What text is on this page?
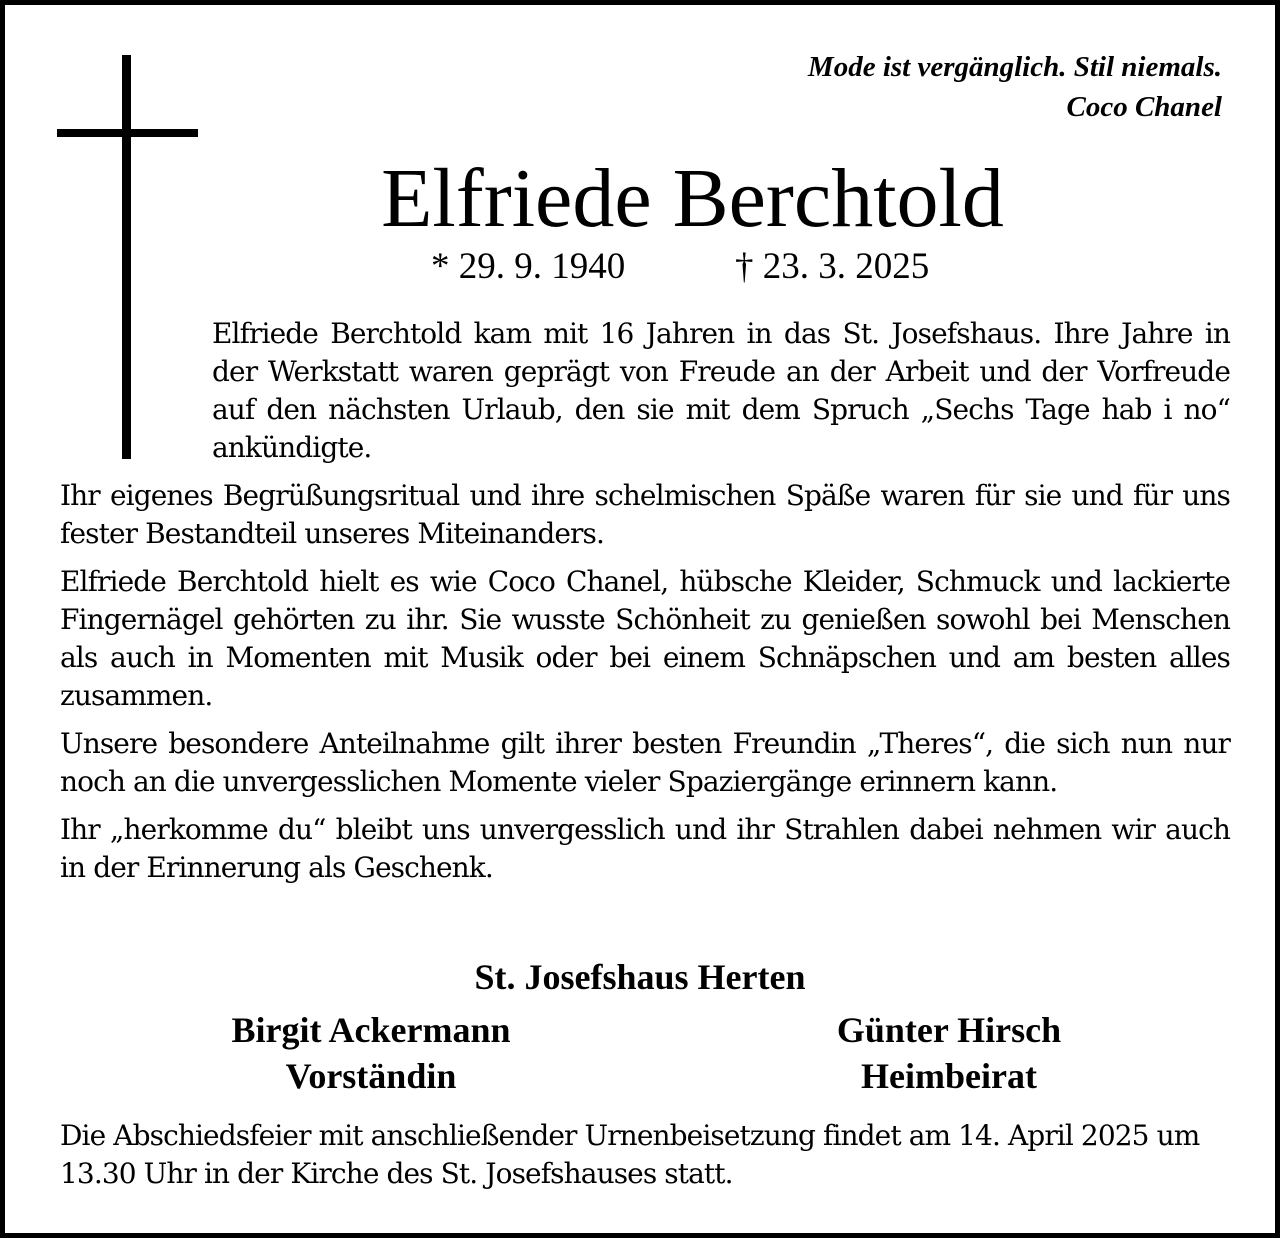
Mode ist vergänglich. Stil niemals.
Coco Chanel
Elfriede Berchtold
* 29. 9. 1940	† 23. 3. 2025
Elfriede Berchtold kam mit 16 Jahren in das St. Josefshaus. Ihre Jahre in der Werkstatt waren geprägt von Freude an der Arbeit und der Vorfreude auf den nächsten Urlaub, den sie mit dem Spruch „Sechs Tage hab i no“ ankündigte.

Ihr eigenes Begrüßungsritual und ihre schelmischen Späße waren für sie und für uns fester Bestandteil unseres Miteinanders.

Elfriede Berchtold hielt es wie Coco Chanel, hübsche Kleider, Schmuck und lackierte Fingernägel gehörten zu ihr. Sie wusste Schönheit zu genießen sowohl bei Menschen als auch in Momenten mit Musik oder bei einem Schnäpschen und am besten alles zusammen.

Unsere besondere Anteilnahme gilt ihrer besten Freundin „Theres“, die sich nun nur noch an die unvergesslichen Momente vieler Spaziergänge erinnern kann.

Ihr „herkomme du“ bleibt uns unvergesslich und ihr Strahlen dabei nehmen wir auch in der Erinnerung als Geschenk.

St. Josefshaus Herten
Birgit Ackermann
Vorständin
Günter Hirsch
Heimbeirat
Die Abschiedsfeier mit anschließender Urnenbeisetzung findet am 14. April 2025 um 13.30 Uhr in der Kirche des St. Josefshauses statt.
